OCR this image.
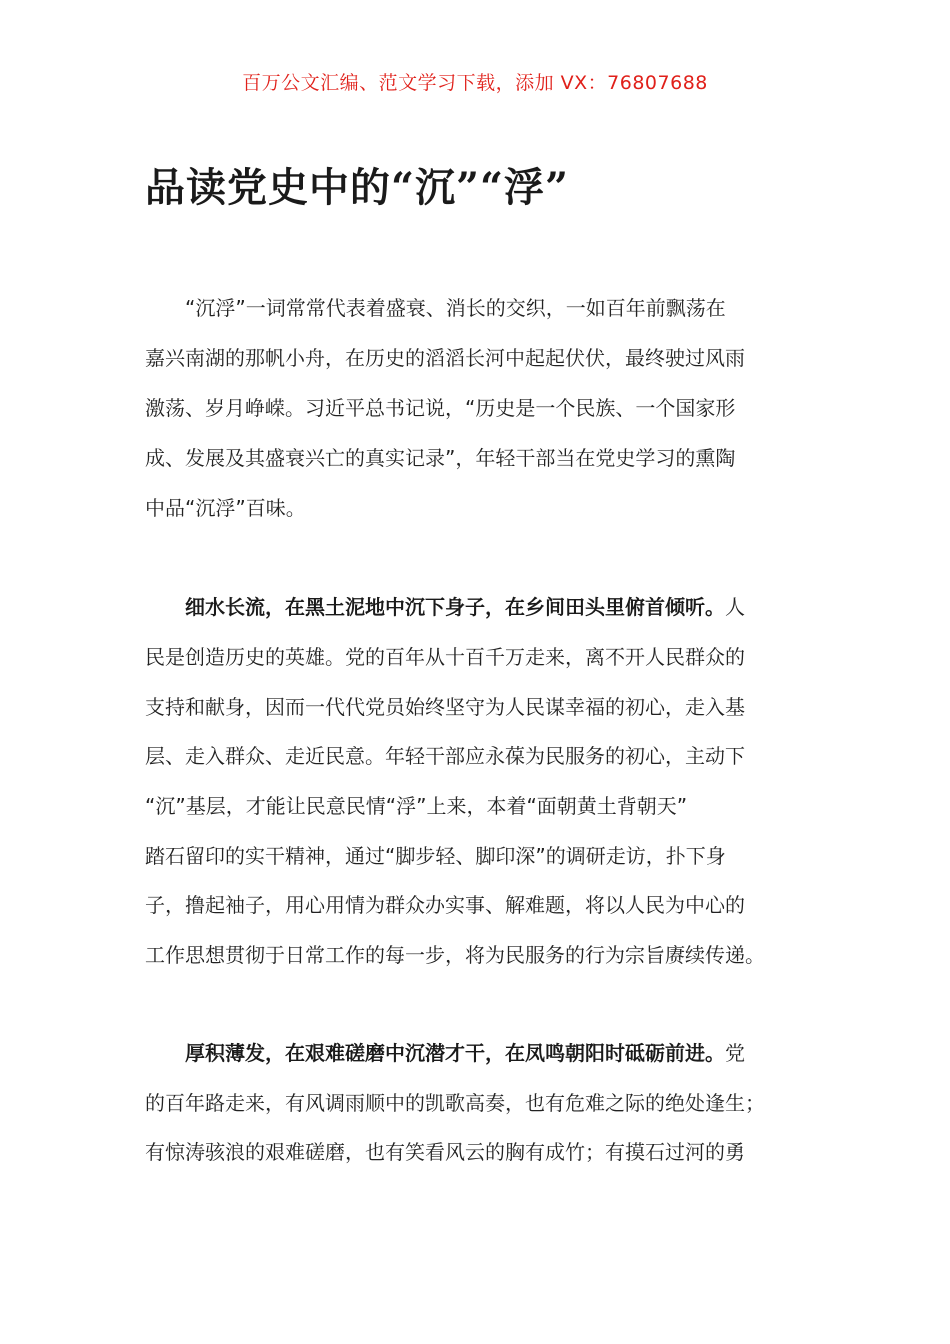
百万公文汇编、范文学习下载，添加 VX：76807688
品读党史中的“沉”“浮”
“沉浮”一词常常代表着盛衰、消长的交织，一如百年前飘荡在
嘉兴南湖的那帆小舟，在历史的滔滔长河中起起伏伏，最终驶过风雨
激荡、岁月峥嵘。习近平总书记说，“历史是一个民族、一个国家形
成、发展及其盛衰兴亡的真实记录”，年轻干部当在党史学习的熏陶
中品“沉浮”百味。
细水长流，在黑土泥地中沉下身子，在乡间田头里俯首倾听。人
民是创造历史的英雄。党的百年从十百千万走来，离不开人民群众的
支持和献身，因而一代代党员始终坚守为人民谋幸福的初心，走入基
层、走入群众、走近民意。年轻干部应永葆为民服务的初心，主动下
“沉”基层，才能让民意民情“浮”上来，本着“面朝黄土背朝天”
踏石留印的实干精神，通过“脚步轻、脚印深”的调研走访，扑下身
子，撸起袖子，用心用情为群众办实事、解难题，将以人民为中心的
工作思想贯彻于日常工作的每一步，将为民服务的行为宗旨赓续传递。
厚积薄发，在艰难磋磨中沉潜才干，在凤鸣朝阳时砥砺前进。党
的百年路走来，有风调雨顺中的凯歌高奏，也有危难之际的绝处逢生；
有惊涛骇浪的艰难磋磨，也有笑看风云的胸有成竹；有摸石过河的勇
